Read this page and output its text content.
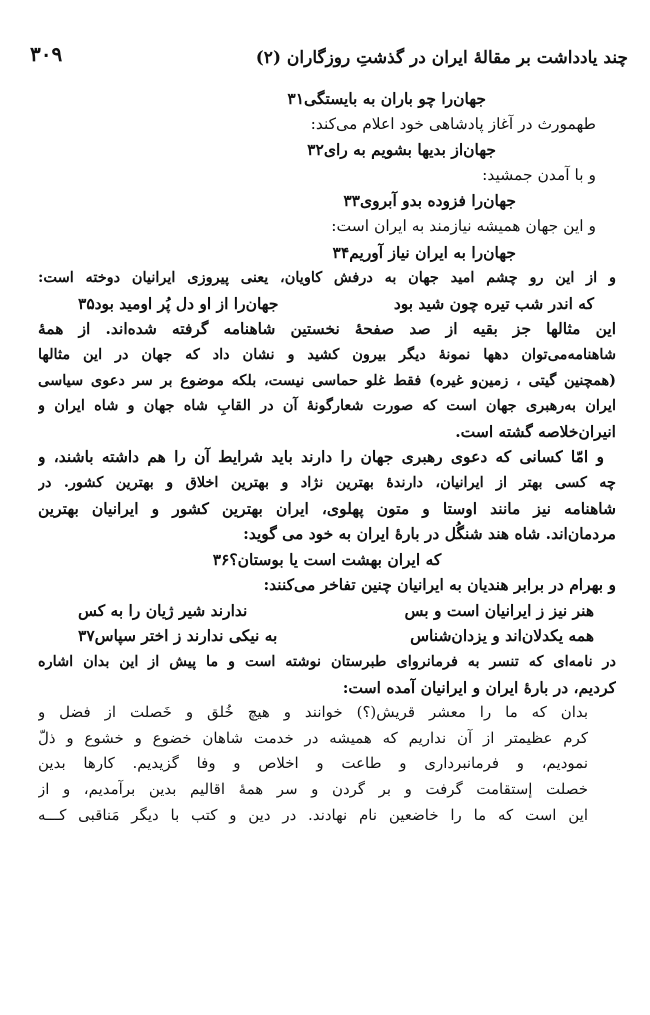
چند یادداشت بر مقالهٔ ایران در گذشتِ روزگاران (۲)
۳۰۹
جهان‌را چو باران به بایستگی۳۱
طهمورث در آغاز پادشاهی خود اعلام می‌کند:
جهان‌از بدیها بشویم به رای۳۲
و با آمدن جمشید:
جهان‌را فزوده بدو آبروی۳۳
و این جهان همیشه نیازمند به ایران است:
جهان‌را به ایران نیاز آوریم۳۴
و از این رو چشم امید جهان به درفش کاویان، یعنی پیروزی ایرانیان دوخته است:
که اندر شب تیره چون شید بود
جهان‌را از او دل پُر اومید بود۳۵
این مثالها جز بقیه از صد صفحهٔ نخستین شاهنامه گرفته شده‌اند. از همهٔ
شاهنامه‌می‌توان دهها نمونهٔ دیگر بیرون کشید و نشان داد که جهان در این مثالها
(همچنین گیتی ، زمین‌و غیره) فقط غلو حماسی نیست، بلکه موضوع بر سر دعوی سیاسی
ایران به‌رهبری جهان است که صورت شعارگونهٔ آن در القابِ شاه جهان و شاه ایران و
انیران‌خلاصه گشته است.
و امّا کسانی که دعوی رهبری جهان را دارند باید شرایط آن را هم داشته باشند، و
چه کسی بهتر از ایرانیان، دارندهٔ بهترین نژاد و بهترین اخلاق و بهترین کشور. در
شاهنامه نیز مانند اوستا و متون پهلوی، ایران بهترین کشور و ایرانیان بهترین
مردمان‌اند. شاه هند شنگُل در بارهٔ ایران به خود می گوید:
که ایران بهشت است یا بوستان؟۳۶
و بهرام در برابر هندیان به ایرانیان چنین تفاخر می‌کنند:
هنر نیز ز ایرانیان است و بس
ندارند شیر ژیان را به کس
همه یکدلان‌اند و یزدان‌شناس
به نیکی ندارند ز اختر سپاس۳۷
در نامه‌ای که تنسر به فرمانروای طبرستان نوشته است و ما پیش از این بدان اشاره
کردیم، در بارهٔ ایران و ایرانیان آمده است:
بدان که ما را معشر قریش(؟) خوانند و هیچ خُلق و خَصلت از فضل و
کرم عظیمتر از آن نداریم که همیشه در خدمت شاهان خضوع و خشوع و ذلّ
نمودیم، و فرمانبرداری و طاعت و اخلاص و وفا گزیدیم. کارها بدین
خصلت إستقامت گرفت و بر گردن و سر همهٔ اقالیم بدین برآمدیم، و از
این است که ما را خاضعین نام نهادند. در دین و کتب با دیگر مَناقبی کـــه
